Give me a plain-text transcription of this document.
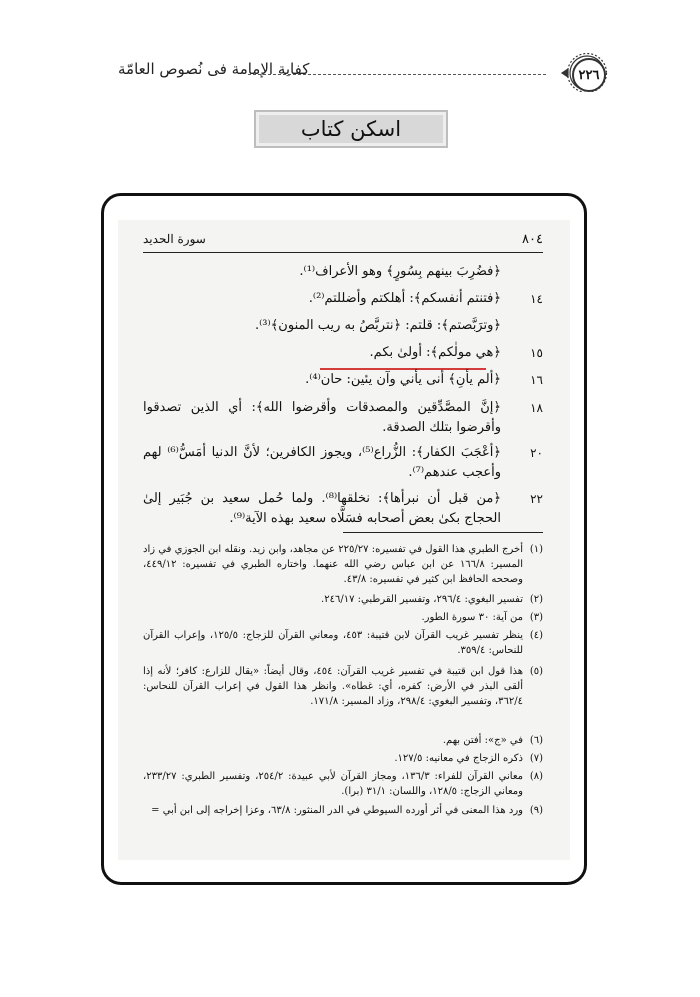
كفاية الإمامة فى نُصوص العامّة	٢٢٦
اسكن كتاب
٨٠٤
سورة الحديد
﴿فضُرِبَ بينهم بِسُورٍ﴾ وهو الأعراف⁽¹⁾.
١٤
﴿فتنتم أنفسكم﴾: أهلكتم وأضللتم⁽²⁾.
﴿وترَبَّصتم﴾: قلتم: ﴿نتربَّصُ به ريب المنون﴾⁽³⁾.
١٥
﴿هي مولٰكم﴾: أولىٰ بكم.
١٦
﴿ألم يأنِ﴾ أنى يأني وآن يئين: حان⁽⁴⁾.
١٨
﴿إنَّ المصَّدِّقين والمصدقات وأقرضوا الله﴾: أي الذين تصدقوا وأقرضوا بتلك الصدقة.
٢٠
﴿أعْجَبَ الكفار﴾: الزُّراع⁽⁵⁾، ويجوز الكافرين؛ لأنَّ الدنيا أمَسُّ⁽⁶⁾ لهم وأعجب عندهم⁽⁷⁾.
٢٢
﴿من قبل أن نبرأها﴾: نخلقها⁽⁸⁾. ولما حُمل سعيد بن جُبَير إلىٰ الحجاج بكىٰ بعض أصحابه فسَلَّاه سعيد بهذه الآية⁽⁹⁾.
(١)
أخرج الطبري هذا القول في تفسيره: ٢٢٥/٢٧ عن مجاهد، وابن زيد. ونقله ابن الجوزي في زاد المسير: ١٦٦/٨ عن ابن عباس رضي الله عنهما. واختاره الطبري في تفسيره: ٤٤٩/١٢، وصححه الحافظ ابن كثير في تفسيره: ٤٣/٨.
(٢)
تفسير البغوي: ٢٩٦/٤، وتفسير القرطبي: ٢٤٦/١٧.
(٣)
من آية: ٣٠ سورة الطور.
(٤)
ينظر تفسير غريب القرآن لابن قتيبة: ٤٥٣، ومعاني القرآن للزجاج: ١٢٥/٥، وإعراب القرآن للنحاس: ٣٥٩/٤.
(٥)
هذا قول ابن قتيبة في تفسير غريب القرآن: ٤٥٤، وقال أيضاً: «يقال للزارع: كافر؛ لأنه إذا ألقى البذر في الأرض: كفره، أي: غطاه». وانظر هذا القول في إعراب القرآن للنحاس: ٣٦٢/٤، وتفسير البغوي: ٢٩٨/٤، وزاد المسير: ١٧١/٨.
(٦)
في «ج»: أفتن بهم.
(٧)
ذكره الزجاج في معانيه: ١٢٧/٥.
(٨)
معاني القرآن للفراء: ١٣٦/٣، ومجاز القرآن لأبي عبيدة: ٢٥٤/٢، وتفسير الطبري: ٢٣٣/٢٧، ومعاني الزجاج: ١٢٨/٥، واللسان: ٣١/١ (برا).
(٩)
ورد هذا المعنى في أثر أورده السيوطي في الدر المنثور: ٦٣/٨، وعزا إخراجه إلى ابن أبي =
